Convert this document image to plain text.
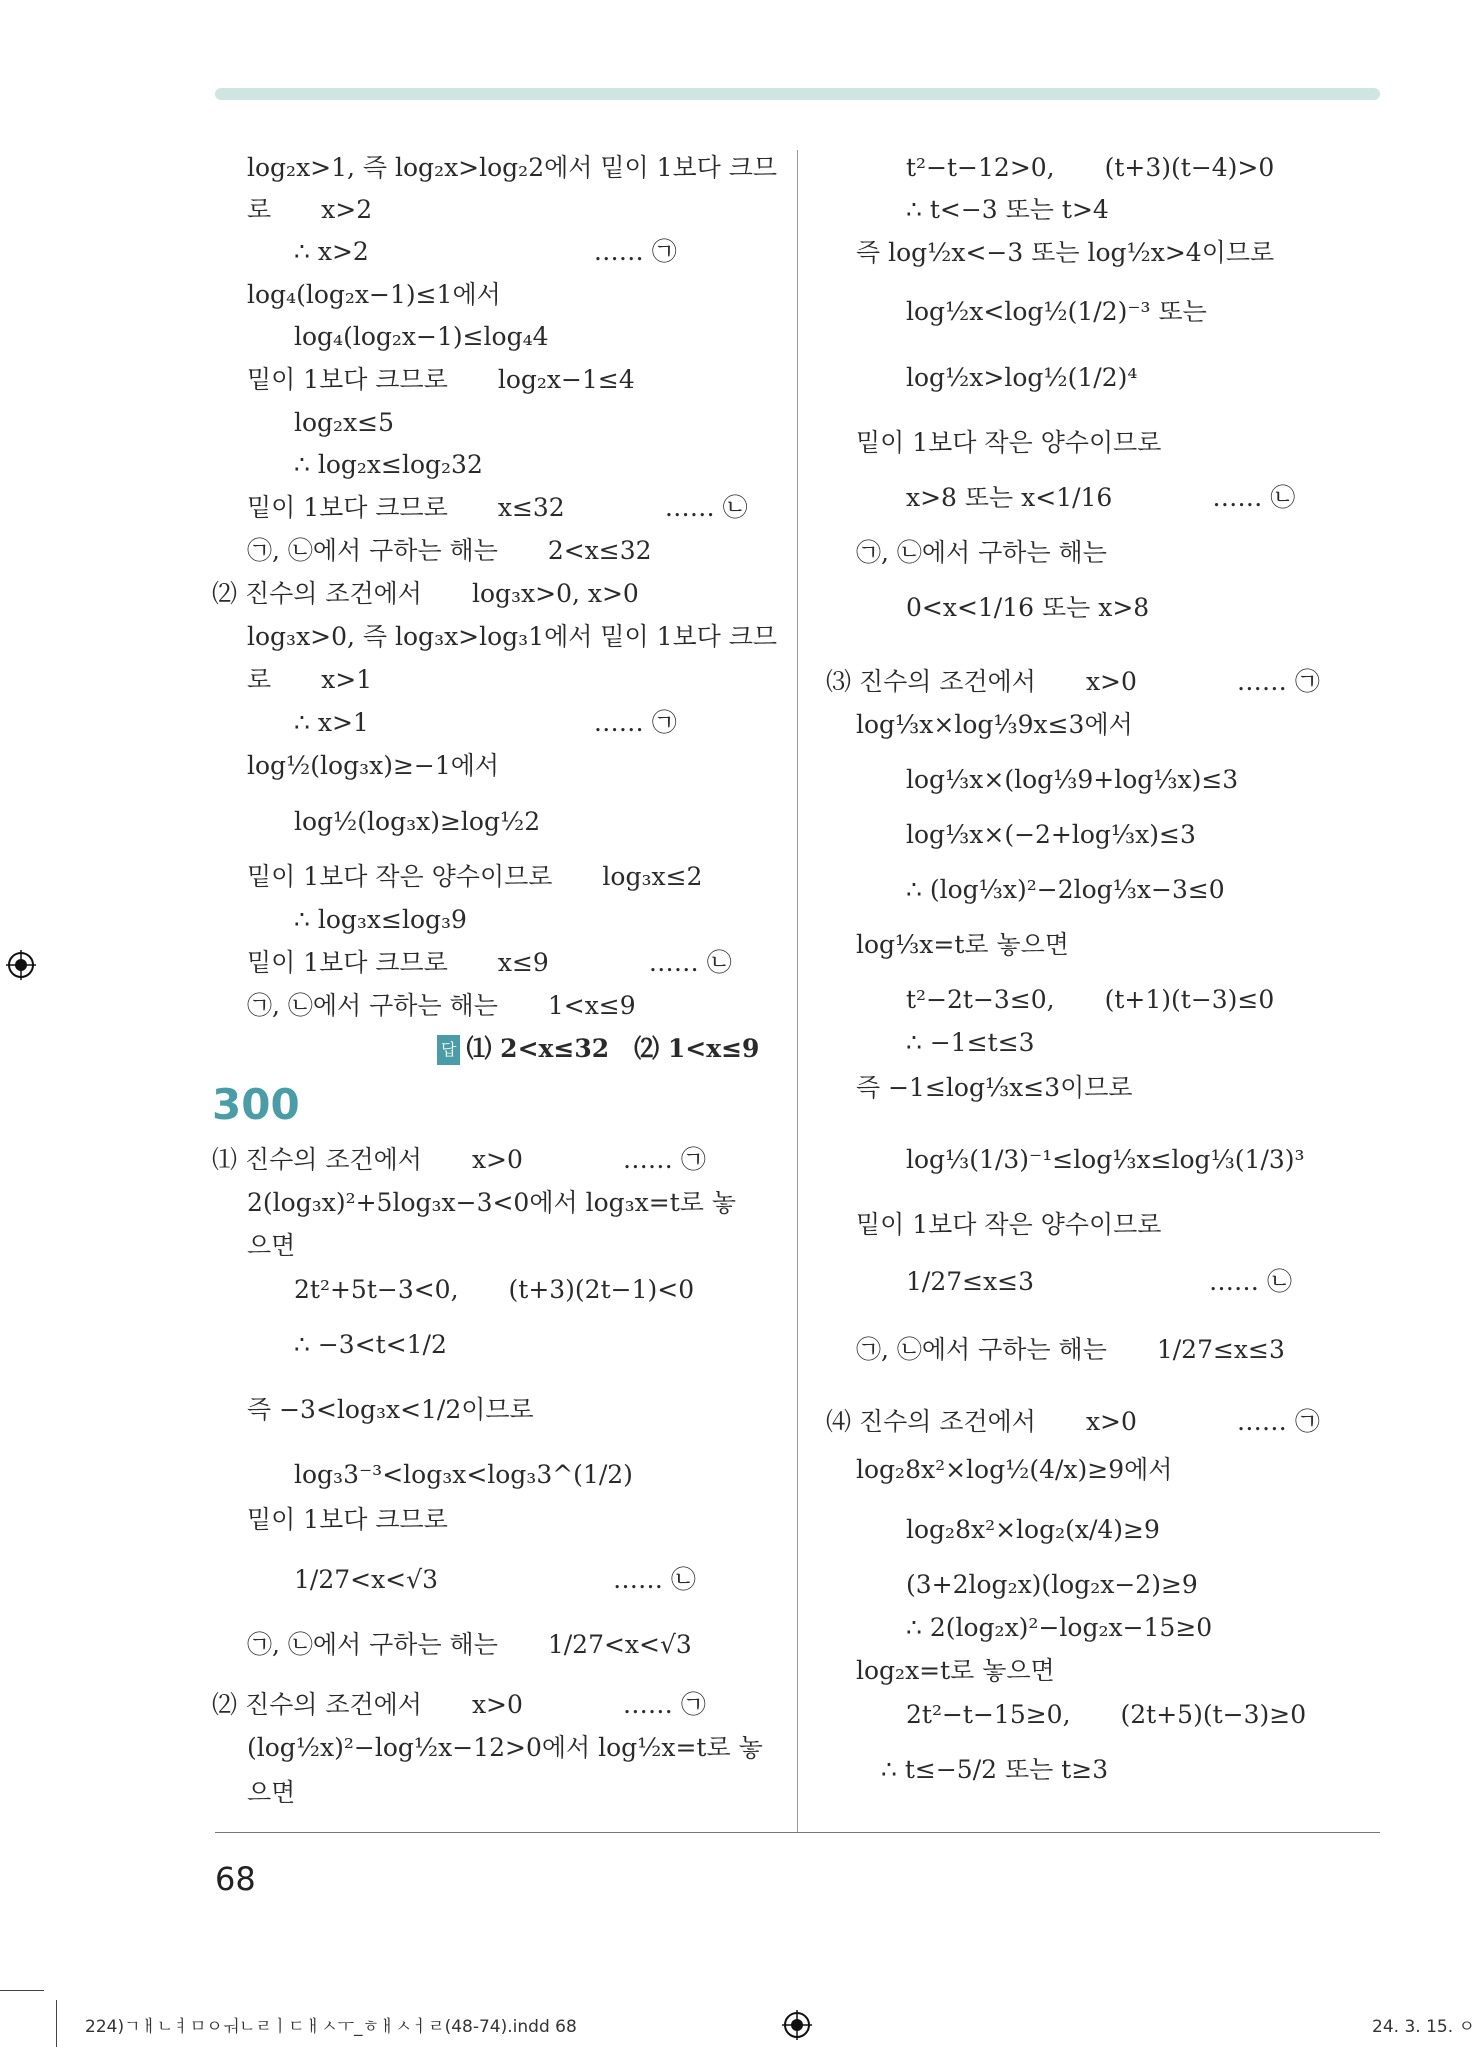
log₂x>1, 즉 log₂x>log₂2에서 밑이 1보다 크므
로　　x>2
∴ x>2　　　　　　　　　…… ㉠
log₄(log₂x−1)≤1에서
log₄(log₂x−1)≤log₄4
밑이 1보다 크므로　　log₂x−1≤4
log₂x≤5
∴ log₂x≤log₂32
밑이 1보다 크므로　　x≤32　　　　…… ㉡
㉠, ㉡에서 구하는 해는　　2<x≤32
⑵ 진수의 조건에서　　log₃x>0, x>0
log₃x>0, 즉 log₃x>log₃1에서 밑이 1보다 크므
로　　x>1
∴ x>1　　　　　　　　　…… ㉠
log½(log₃x)≥−1에서
log½(log₃x)≥log½2
밑이 1보다 작은 양수이므로　　log₃x≤2
∴ log₃x≤log₃9
밑이 1보다 크므로　　x≤9　　　　…… ㉡
㉠, ㉡에서 구하는 해는　　1<x≤9
답 ⑴ 2<x≤32　⑵ 1<x≤9
300
⑴ 진수의 조건에서　　x>0　　　　…… ㉠
2(log₃x)²+5log₃x−3<0에서 log₃x=t로 놓
으면
2t²+5t−3<0,　　(t+3)(2t−1)<0
∴ −3<t<1/2
즉 −3<log₃x<1/2이므로
log₃3⁻³<log₃x<log₃3^(1/2)
밑이 1보다 크므로
1/27<x<√3　　　　　　　…… ㉡
㉠, ㉡에서 구하는 해는　　1/27<x<√3
⑵ 진수의 조건에서　　x>0　　　　…… ㉠
(log½x)²−log½x−12>0에서 log½x=t로 놓
으면
t²−t−12>0,　　(t+3)(t−4)>0
∴ t<−3 또는 t>4
즉 log½x<−3 또는 log½x>4이므로
log½x<log½(1/2)⁻³ 또는
log½x>log½(1/2)⁴
밑이 1보다 작은 양수이므로
x>8 또는 x<1/16　　　　…… ㉡
㉠, ㉡에서 구하는 해는
0<x<1/16 또는 x>8
⑶ 진수의 조건에서　　x>0　　　　…… ㉠
log⅓x×log⅓9x≤3에서
log⅓x×(log⅓9+log⅓x)≤3
log⅓x×(−2+log⅓x)≤3
∴ (log⅓x)²−2log⅓x−3≤0
log⅓x=t로 놓으면
t²−2t−3≤0,　　(t+1)(t−3)≤0
∴ −1≤t≤3
즉 −1≤log⅓x≤3이므로
log⅓(1/3)⁻¹≤log⅓x≤log⅓(1/3)³
밑이 1보다 작은 양수이므로
1/27≤x≤3　　　　　　　…… ㉡
㉠, ㉡에서 구하는 해는　　1/27≤x≤3
⑷ 진수의 조건에서　　x>0　　　　…… ㉠
log₂8x²×log½(4/x)≥9에서
log₂8x²×log₂(x/4)≥9
(3+2log₂x)(log₂x−2)≥9
∴ 2(log₂x)²−log₂x−15≥0
log₂x=t로 놓으면
2t²−t−15≥0,　　(2t+5)(t−3)≥0
∴ t≤−5/2 또는 t≥3
68
224)ㄱㅐㄴㅕㅁㅇㅝㄴㄹㅣㄷㅐㅅㅜ_ㅎㅐㅅㅓㄹ(48-74).indd 68	24. 3. 15. ㅇ
